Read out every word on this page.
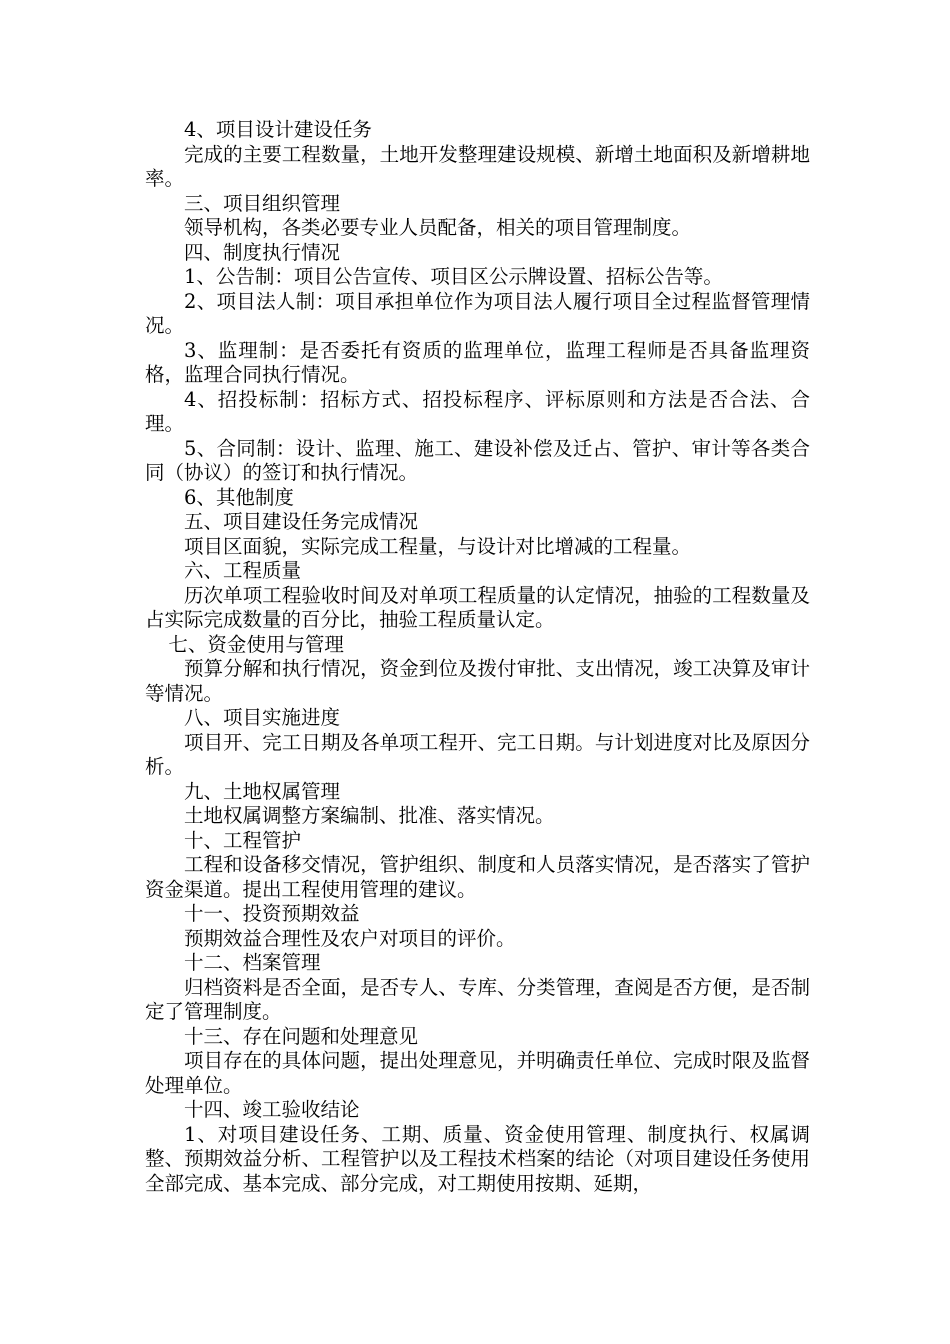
4、项目设计建设任务

完成的主要工程数量，土地开发整理建设规模、新增土地面积及新增耕地率。

三、项目组织管理

领导机构，各类必要专业人员配备，相关的项目管理制度。

四、制度执行情况

1、公告制：项目公告宣传、项目区公示牌设置、招标公告等。

2、项目法人制：项目承担单位作为项目法人履行项目全过程监督管理情况。

3、监理制：是否委托有资质的监理单位，监理工程师是否具备监理资格，监理合同执行情况。

4、招投标制：招标方式、招投标程序、评标原则和方法是否合法、合理。

5、合同制：设计、监理、施工、建设补偿及迁占、管护、审计等各类合同（协议）的签订和执行情况。

6、其他制度

五、项目建设任务完成情况

项目区面貌，实际完成工程量，与设计对比增减的工程量。

六、工程质量

历次单项工程验收时间及对单项工程质量的认定情况，抽验的工程数量及占实际完成数量的百分比，抽验工程质量认定。

七、资金使用与管理

预算分解和执行情况，资金到位及拨付审批、支出情况，竣工决算及审计等情况。

八、项目实施进度

项目开、完工日期及各单项工程开、完工日期。与计划进度对比及原因分析。

九、土地权属管理

土地权属调整方案编制、批准、落实情况。

十、工程管护

工程和设备移交情况，管护组织、制度和人员落实情况，是否落实了管护资金渠道。提出工程使用管理的建议。

十一、投资预期效益

预期效益合理性及农户对项目的评价。

十二、档案管理

归档资料是否全面，是否专人、专库、分类管理，查阅是否方便，是否制定了管理制度。

十三、存在问题和处理意见

项目存在的具体问题，提出处理意见，并明确责任单位、完成时限及监督处理单位。

十四、竣工验收结论

1、对项目建设任务、工期、质量、资金使用管理、制度执行、权属调整、预期效益分析、工程管护以及工程技术档案的结论（对项目建设任务使用全部完成、基本完成、部分完成，对工期使用按期、延期，
